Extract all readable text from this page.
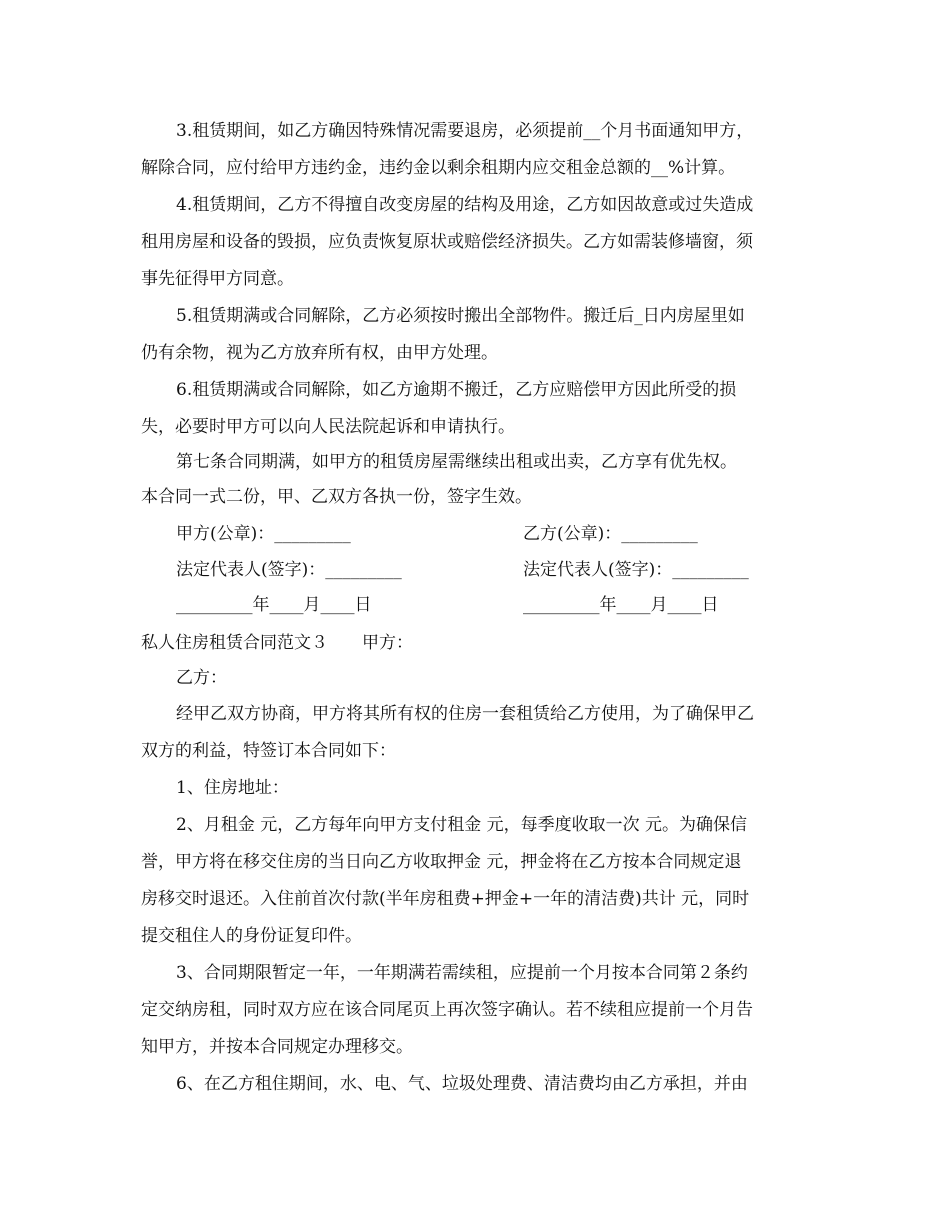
3.租赁期间，如乙方确因特殊情况需要退房，必须提前__个月书面通知甲方，
解除合同，应付给甲方违约金，违约金以剩余租期内应交租金总额的__%计算。
4.租赁期间，乙方不得擅自改变房屋的结构及用途，乙方如因故意或过失造成
租用房屋和设备的毁损，应负责恢复原状或赔偿经济损失。乙方如需装修墙窗，须
事先征得甲方同意。
5.租赁期满或合同解除，乙方必须按时搬出全部物件。搬迁后_日内房屋里如
仍有余物，视为乙方放弃所有权，由甲方处理。
6.租赁期满或合同解除，如乙方逾期不搬迁，乙方应赔偿甲方因此所受的损
失，必要时甲方可以向人民法院起诉和申请执行。
第七条合同期满，如甲方的租赁房屋需继续出租或出卖，乙方享有优先权。
本合同一式二份，甲、乙双方各执一份，签字生效。
甲方(公章)：_________	乙方(公章)：_________
法定代表人(签字)：_________	法定代表人(签字)：_________
_________年____月____日	_________年____月____日
私人住房租赁合同范文３　　甲方：
乙方：
经甲乙双方协商，甲方将其所有权的住房一套租赁给乙方使用，为了确保甲乙
双方的利益，特签订本合同如下：
1、住房地址：
2、月租金 元，乙方每年向甲方支付租金 元，每季度收取一次 元。为确保信
誉，甲方将在移交住房的当日向乙方收取押金 元，押金将在乙方按本合同规定退
房移交时退还。入住前首次付款(半年房租费+押金+一年的清洁费)共计 元，同时
提交租住人的身份证复印件。
3、合同期限暂定一年，一年期满若需续租，应提前一个月按本合同第２条约
定交纳房租，同时双方应在该合同尾页上再次签字确认。若不续租应提前一个月告
知甲方，并按本合同规定办理移交。
6、在乙方租住期间，水、电、气、垃圾处理费、清洁费均由乙方承担，并由
